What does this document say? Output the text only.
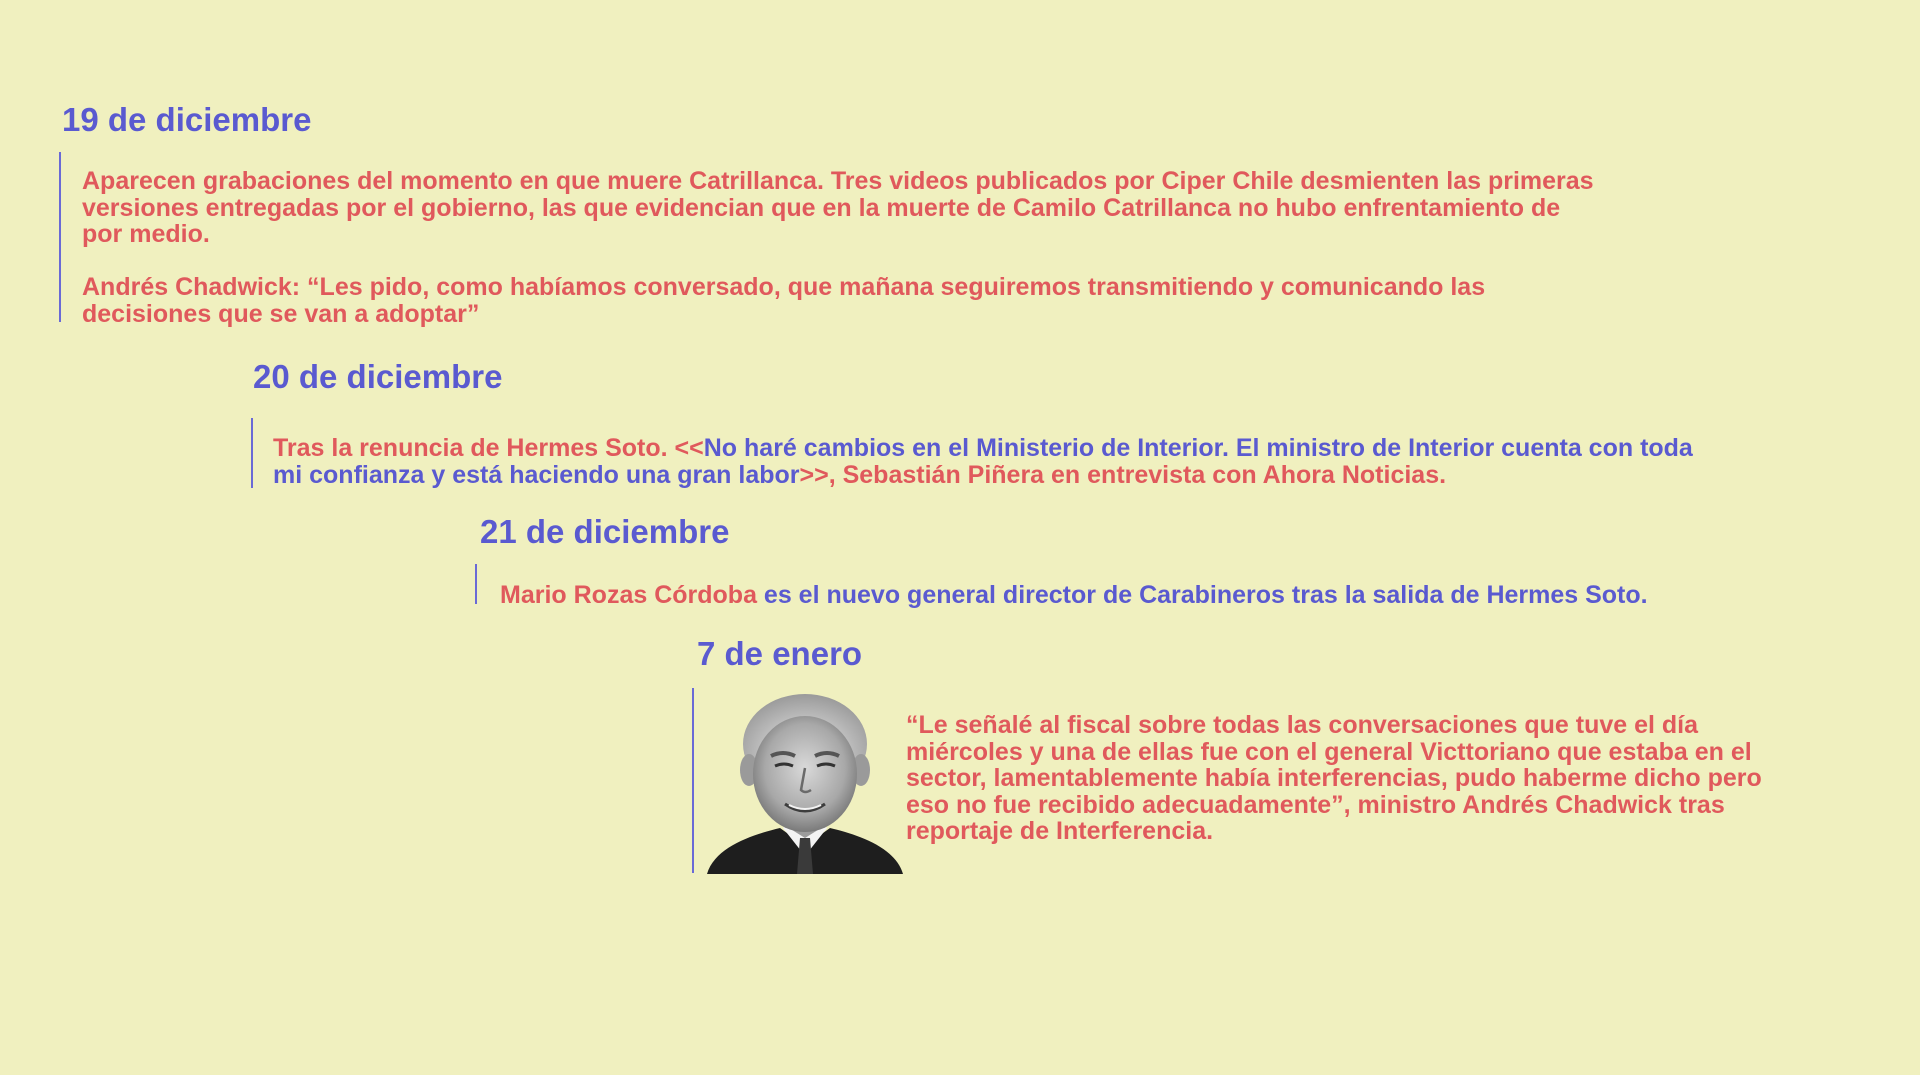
19 de diciembre

Aparecen grabaciones del momento en que muere Catrillanca. Tres videos publicados por Ciper Chile desmienten las primeras versiones entregadas por el gobierno, las que evidencian que en la muerte de Camilo Catrillanca no hubo enfrentamiento de por medio.

Andrés Chadwick: “Les pido, como habíamos conversado, que mañana seguiremos transmitiendo y comunicando las decisiones que se van a adoptar”

20 de diciembre

Tras la renuncia de Hermes Soto. <<No haré cambios en el Ministerio de Interior. El ministro de Interior cuenta con toda mi confianza y está haciendo una gran labor>>, Sebastián Piñera en entrevista con Ahora Noticias.

21 de diciembre

Mario Rozas Córdoba es el nuevo general director de Carabineros tras la salida de Hermes Soto.

7 de enero

“Le señalé al fiscal sobre todas las conversaciones que tuve el día miércoles y una de ellas fue con el general Victtoriano que estaba en el sector, lamentablemente había interferencias, pudo haberme dicho pero eso no fue recibido adecuadamente”, ministro Andrés Chadwick tras reportaje de Interferencia.
